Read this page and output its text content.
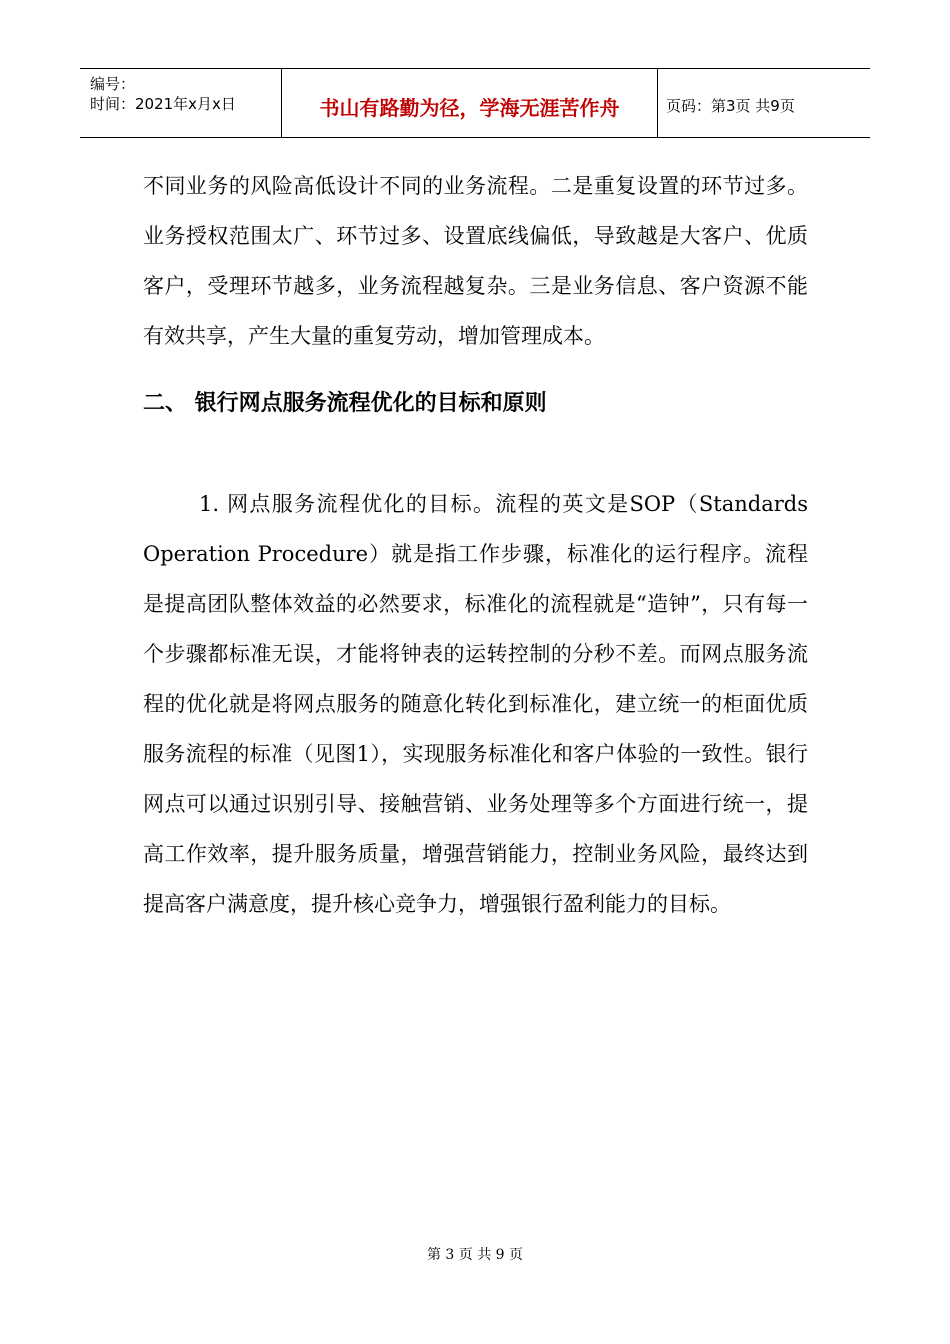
编号：
时间：2021年x月x日	书山有路勤为径，学海无涯苦作舟	页码：第3页 共9页

不同业务的风险高低设计不同的业务流程。二是重复设置的环节过多。业务授权范围太广、环节过多、设置底线偏低，导致越是大客户、优质客户，受理环节越多，业务流程越复杂。三是业务信息、客户资源不能有效共享，产生大量的重复劳动，增加管理成本。

二、 银行网点服务流程优化的目标和原则

1. 网点服务流程优化的目标。流程的英文是SOP（Standards Operation Procedure）就是指工作步骤，标准化的运行程序。流程是提高团队整体效益的必然要求，标准化的流程就是“造钟”，只有每一个步骤都标准无误，才能将钟表的运转控制的分秒不差。而网点服务流程的优化就是将网点服务的随意化转化到标准化，建立统一的柜面优质服务流程的标准（见图1），实现服务标准化和客户体验的一致性。银行网点可以通过识别引导、接触营销、业务处理等多个方面进行统一，提高工作效率，提升服务质量，增强营销能力，控制业务风险，最终达到提高客户满意度，提升核心竞争力，增强银行盈利能力的目标。

第 3 页 共 9 页
